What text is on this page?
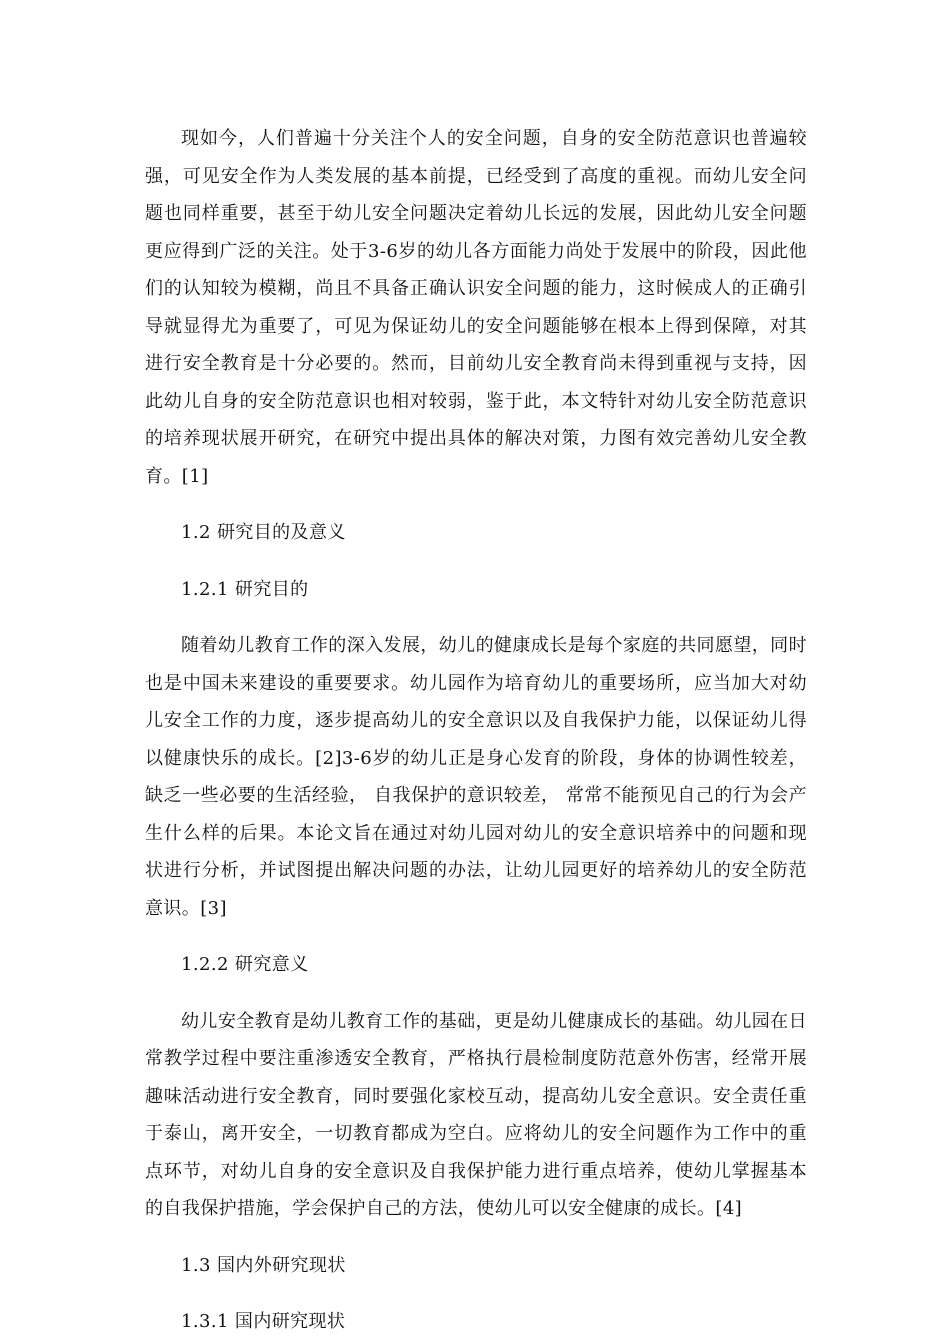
现如今，人们普遍十分关注个人的安全问题，自身的安全防范意识也普遍较强，可见安全作为人类发展的基本前提，已经受到了高度的重视。而幼儿安全问题也同样重要，甚至于幼儿安全问题决定着幼儿长远的发展，因此幼儿安全问题更应得到广泛的关注。处于3-6岁的幼儿各方面能力尚处于发展中的阶段，因此他们的认知较为模糊，尚且不具备正确认识安全问题的能力，这时候成人的正确引导就显得尤为重要了，可见为保证幼儿的安全问题能够在根本上得到保障，对其进行安全教育是十分必要的。然而，目前幼儿安全教育尚未得到重视与支持，因此幼儿自身的安全防范意识也相对较弱，鉴于此，本文特针对幼儿安全防范意识的培养现状展开研究，在研究中提出具体的解决对策，力图有效完善幼儿安全教育。[1]

1.2 研究目的及意义

1.2.1 研究目的

随着幼儿教育工作的深入发展，幼儿的健康成长是每个家庭的共同愿望，同时也是中国未来建设的重要要求。幼儿园作为培育幼儿的重要场所，应当加大对幼儿安全工作的力度，逐步提高幼儿的安全意识以及自我保护力能，以保证幼儿得以健康快乐的成长。[2]3-6岁的幼儿正是身心发育的阶段，身体的协调性较差，缺乏一些必要的生活经验， 自我保护的意识较差， 常常不能预见自己的行为会产生什么样的后果。本论文旨在通过对幼儿园对幼儿的安全意识培养中的问题和现状进行分析，并试图提出解决问题的办法，让幼儿园更好的培养幼儿的安全防范意识。[3]

1.2.2 研究意义

幼儿安全教育是幼儿教育工作的基础，更是幼儿健康成长的基础。幼儿园在日常教学过程中要注重渗透安全教育，严格执行晨检制度防范意外伤害，经常开展趣味活动进行安全教育，同时要强化家校互动，提高幼儿安全意识。安全责任重于泰山，离开安全，一切教育都成为空白。应将幼儿的安全问题作为工作中的重点环节，对幼儿自身的安全意识及自我保护能力进行重点培养，使幼儿掌握基本的自我保护措施，学会保护自己的方法，使幼儿可以安全健康的成长。[4]

1.3 国内外研究现状

1.3.1 国内研究现状
